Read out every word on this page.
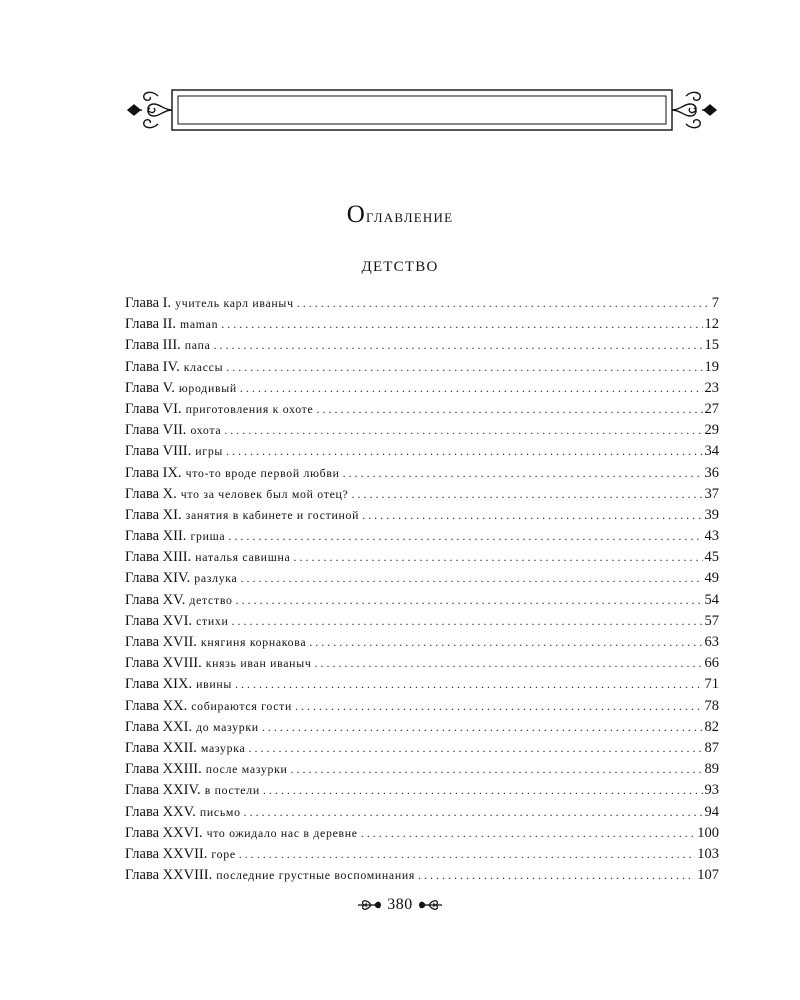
Оглавление
ДЕТСТВО
Глава I. учитель карл иваныч . . .	7
Глава II. maman . . .	12
Глава III. папа . . .	15
Глава IV. классы . . .	19
Глава V. юродивый . . .	23
Глава VI. приготовления к охоте . . .	27
Глава VII. охота . . .	29
Глава VIII. игры . . .	34
Глава IX. что-то вроде первой любви . . .	36
Глава X. что за человек был мой отец? . . .	37
Глава XI. занятия в кабинете и гостиной . . .	39
Глава XII. гриша . . .	43
Глава XIII. наталья савишна . . .	45
Глава XIV. разлука . . .	49
Глава XV. детство . . .	54
Глава XVI. стихи . . .	57
Глава XVII. княгиня корнакова . . .	63
Глава XVIII. князь иван иваныч . . .	66
Глава XIX. ивины . . .	71
Глава XX. собираются гости . . .	78
Глава XXI. до мазурки . . .	82
Глава XXII. мазурка . . .	87
Глава XXIII. после мазурки . . .	89
Глава XXIV. в постели . . .	93
Глава XXV. письмо . . .	94
Глава XXVI. что ожидало нас в деревне . . .	100
Глава XXVII. горе . . .	103
Глава XXVIII. последние грустные воспоминания . . .	107
380
